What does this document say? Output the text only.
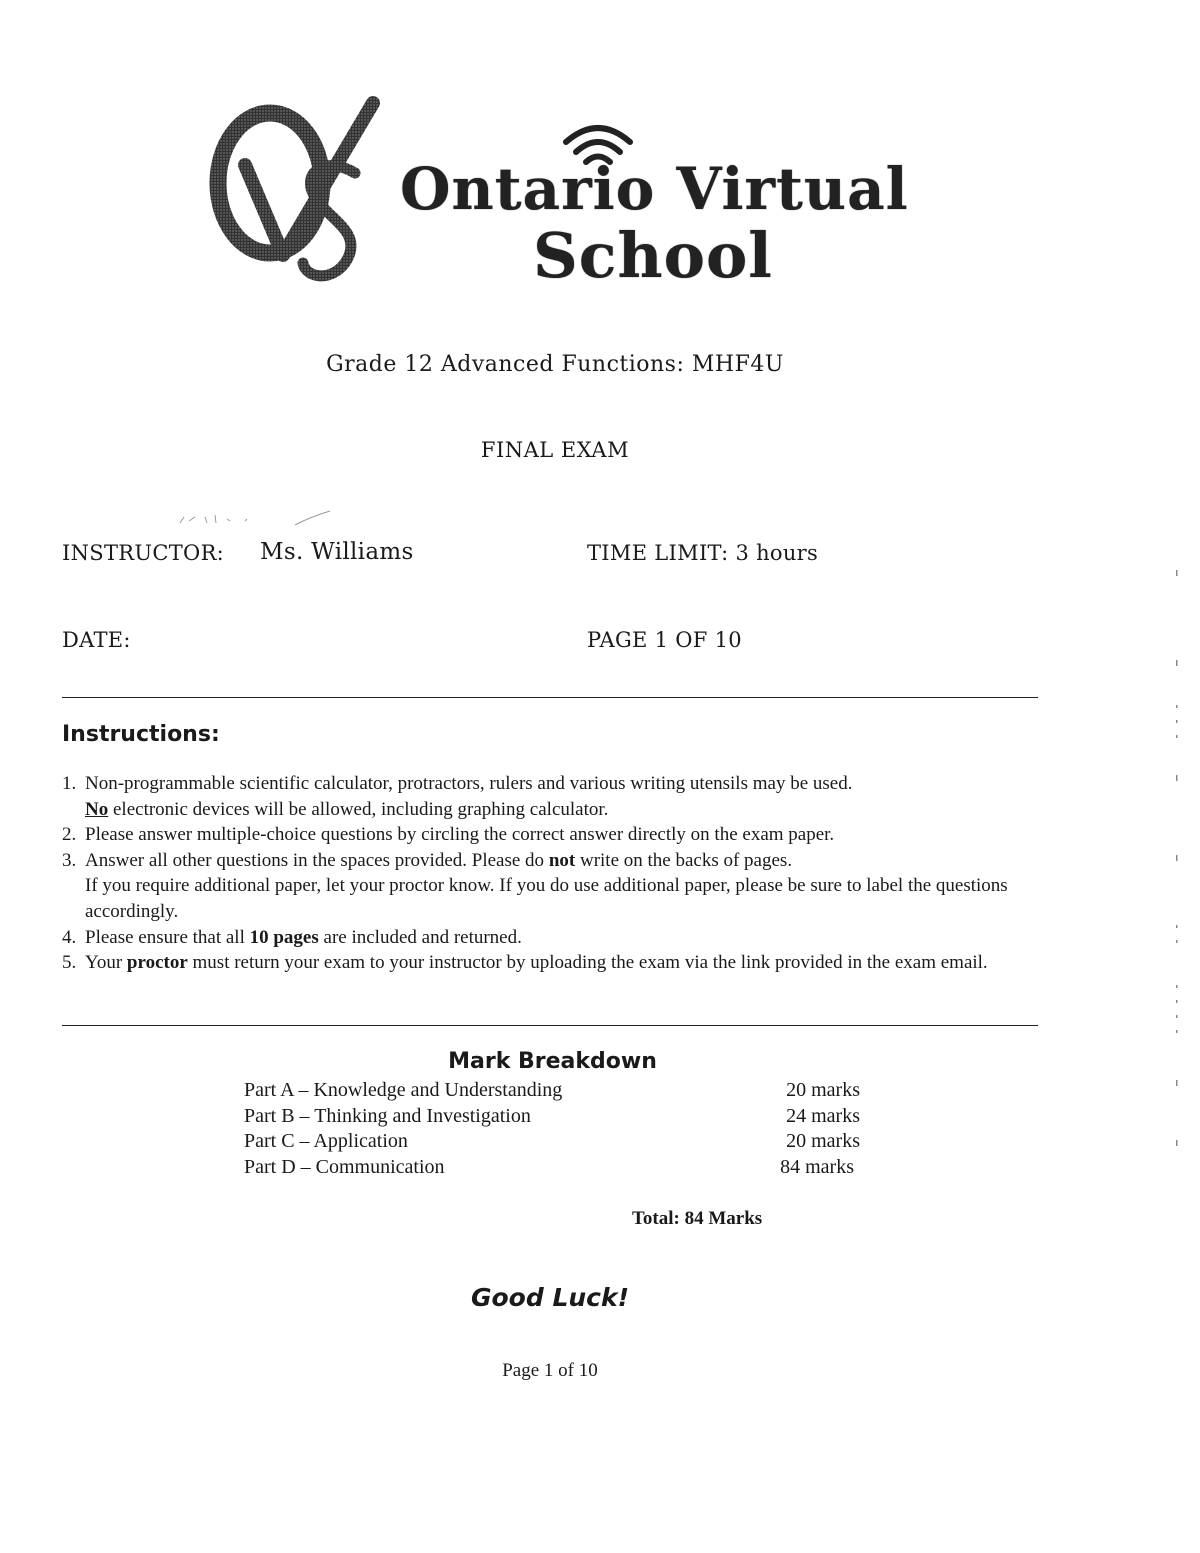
Ontario Virtual
School
Grade 12 Advanced Functions: MHF4U
FINAL EXAM
INSTRUCTOR: Ms. Williams	TIME LIMIT: 3 hours
DATE:	PAGE 1 OF 10
Instructions:
1. Non-programmable scientific calculator, protractors, rulers and various writing utensils may be used.
No electronic devices will be allowed, including graphing calculator.
2. Please answer multiple-choice questions by circling the correct answer directly on the exam paper.
3. Answer all other questions in the spaces provided. Please do not write on the backs of pages.
If you require additional paper, let your proctor know. If you do use additional paper, please be sure to label the questions accordingly.
4. Please ensure that all 10 pages are included and returned.
5. Your proctor must return your exam to your instructor by uploading the exam via the link provided in the exam email.
Mark Breakdown
Part A – Knowledge and Understanding	20 marks
Part B – Thinking and Investigation	24 marks
Part C – Application	20 marks
Part D – Communication	84 marks
Total: 84 Marks
Good Luck!
Page 1 of 10
